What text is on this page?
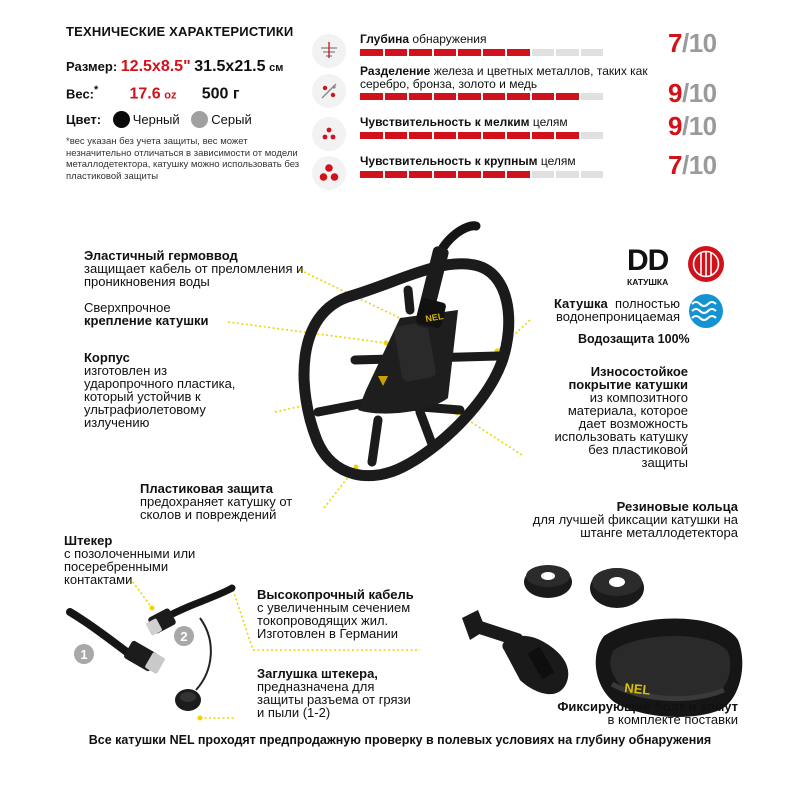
ТЕХНИЧЕСКИЕ ХАРАКТЕРИСТИКИ
Размер: 12.5x8.5" 31.5x21.5 см
Вес:* 17.6 oz 500 г
Цвет: Черный Серый
*вес указан без учета защиты, вес может незначительно отличаться в зависимости от модели металлодетектора, катушку можно использовать без пластиковой защиты
Глубина обнаружения	7/10
Разделение железа и цветных металлов, таких как серебро, бронза, золото и медь	9/10
Чувствительность к мелким целям	9/10
Чувствительность к крупным целям	7/10
NEL
NEL
1
2
DD
КАТУШКА
Эластичный гермоввод
защищает кабель от преломления и проникновения воды
Сверхпрочное
крепление катушки
Корпус
изготовлен из ударопрочного пластика, который устойчив к ультрафиолетовому излучению
Пластиковая защита
предохраняет катушку от сколов и повреждений
Катушка полностью водонепроницаемая
Водозащита 100%
Износостойкое покрытие катушки
из композитного материала, которое дает возможность использовать катушку без пластиковой защиты
Резиновые кольца
для лучшей фиксации катушки на штанге металлодетектора
Штекер
с позолоченными или посеребренными контактами
Высокопрочный кабель
с увеличенным сечением токопроводящих жил. Изготовлен в Германии
Заглушка штекера,
предназначена для защиты разъема от грязи и пыли (1-2)	Фиксирующий болт и хомут
в комплекте поставки
Все катушки NEL проходят предпродажную проверку в полевых условиях на глубину обнаружения
